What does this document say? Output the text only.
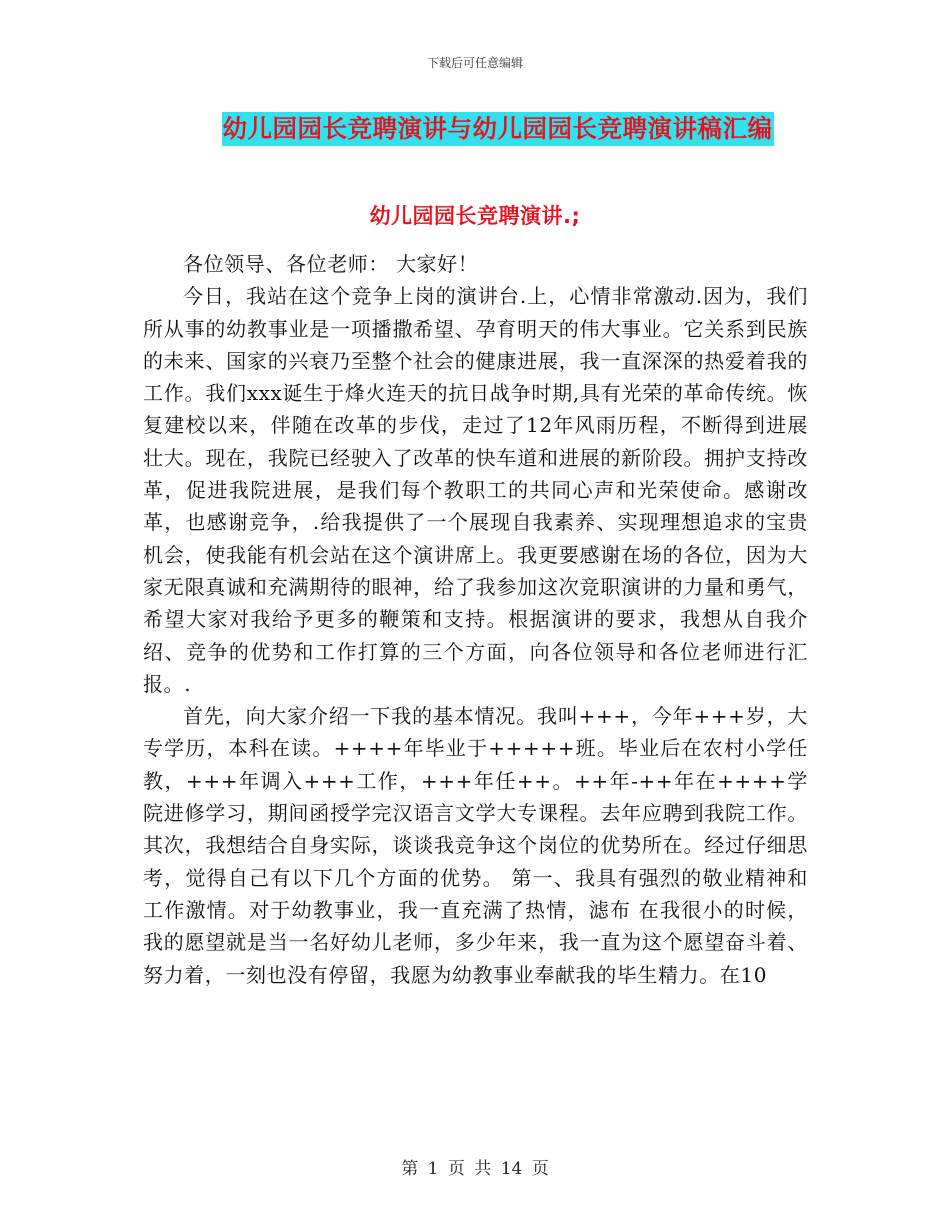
下载后可任意编辑
幼儿园园长竞聘演讲与幼儿园园长竞聘演讲稿汇编
幼儿园园长竞聘演讲.;

各位领导、各位老师： 大家好！

今日，我站在这个竞争上岗的演讲台.上，心情非常激动.因为，我们所从事的幼教事业是一项播撒希望、孕育明天的伟大事业。它关系到民族的未来、国家的兴衰乃至整个社会的健康进展，我一直深深的热爱着我的工作。我们xxx诞生于烽火连天的抗日战争时期,具有光荣的革命传统。恢复建校以来，伴随在改革的步伐，走过了12年风雨历程，不断得到进展壮大。现在，我院已经驶入了改革的快车道和进展的新阶段。拥护支持改革，促进我院进展，是我们每个教职工的共同心声和光荣使命。感谢改革，也感谢竞争，.给我提供了一个展现自我素养、实现理想追求的宝贵机会，使我能有机会站在这个演讲席上。我更要感谢在场的各位，因为大家无限真诚和充满期待的眼神，给了我参加这次竞职演讲的力量和勇气，希望大家对我给予更多的鞭策和支持。根据演讲的要求，我想从自我介绍、竞争的优势和工作打算的三个方面，向各位领导和各位老师进行汇报。.

首先，向大家介绍一下我的基本情况。我叫+++，今年+++岁，大专学历，本科在读。++++年毕业于+++++班。毕业后在农村小学任教，+++年调入+++工作，+++年任++。++年-++年在++++学院进修学习，期间函授学完汉语言文学大专课程。去年应聘到我院工作。 其次，我想结合自身实际，谈谈我竞争这个岗位的优势所在。经过仔细思考，觉得自己有以下几个方面的优势。 第一、我具有强烈的敬业精神和工作激情。对于幼教事业，我一直充满了热情，滤布 在我很小的时候，我的愿望就是当一名好幼儿老师，多少年来，我一直为这个愿望奋斗着、努力着，一刻也没有停留，我愿为幼教事业奉献我的毕生精力。在10

第 1 页 共 14 页
